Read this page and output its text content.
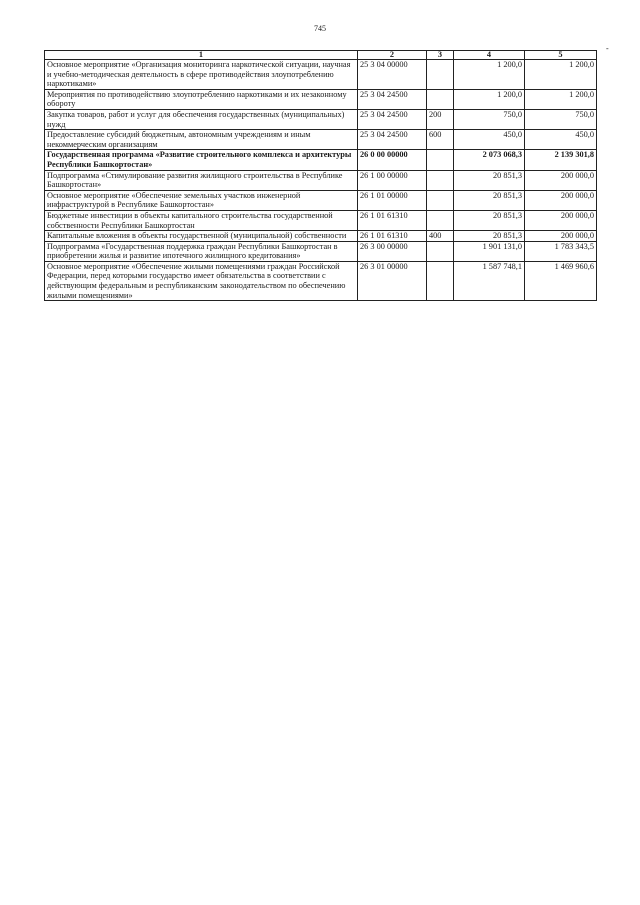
745
-
1	2	3	4	5
Основное мероприятие «Организация мониторинга наркотической ситуации, научная и учебно-методическая деятельность в сфере противодействия злоупотреблению наркотиками»	25 3 04 00000		1 200,0	1 200,0
Мероприятия по противодействию злоупотреблению наркотиками и их незаконному обороту	25 3 04 24500		1 200,0	1 200,0
Закупка товаров, работ и услуг для обеспечения государственных (муниципальных) нужд	25 3 04 24500	200	750,0	750,0
Предоставление субсидий бюджетным, автономным учреждениям и иным некоммерческим организациям	25 3 04 24500	600	450,0	450,0
Государственная программа «Развитие строительного комплекса и архитектуры Республики Башкортостан»	26 0 00 00000		2 073 068,3	2 139 301,8
Подпрограмма «Стимулирование развития жилищного строительства в Республике Башкортостан»	26 1 00 00000		20 851,3	200 000,0
Основное мероприятие «Обеспечение земельных участков инженерной инфраструктурой в Республике Башкортостан»	26 1 01 00000		20 851,3	200 000,0
Бюджетные инвестиции в объекты капитального строительства государственной собственности Республики Башкортостан	26 1 01 61310		20 851,3	200 000,0
Капитальные вложения в объекты государственной (муниципальной) собственности	26 1 01 61310	400	20 851,3	200 000,0
Подпрограмма «Государственная поддержка граждан Республики Башкортостан в приобретении жилья и развитие ипотечного жилищного кредитования»	26 3 00 00000		1 901 131,0	1 783 343,5
Основное мероприятие «Обеспечение жилыми помещениями граждан Российской Федерации, перед которыми государство имеет обязательства в соответствии с действующим федеральным и республиканским законодательством по обеспечению жилыми помещениями»	26 3 01 00000		1 587 748,1	1 469 960,6
